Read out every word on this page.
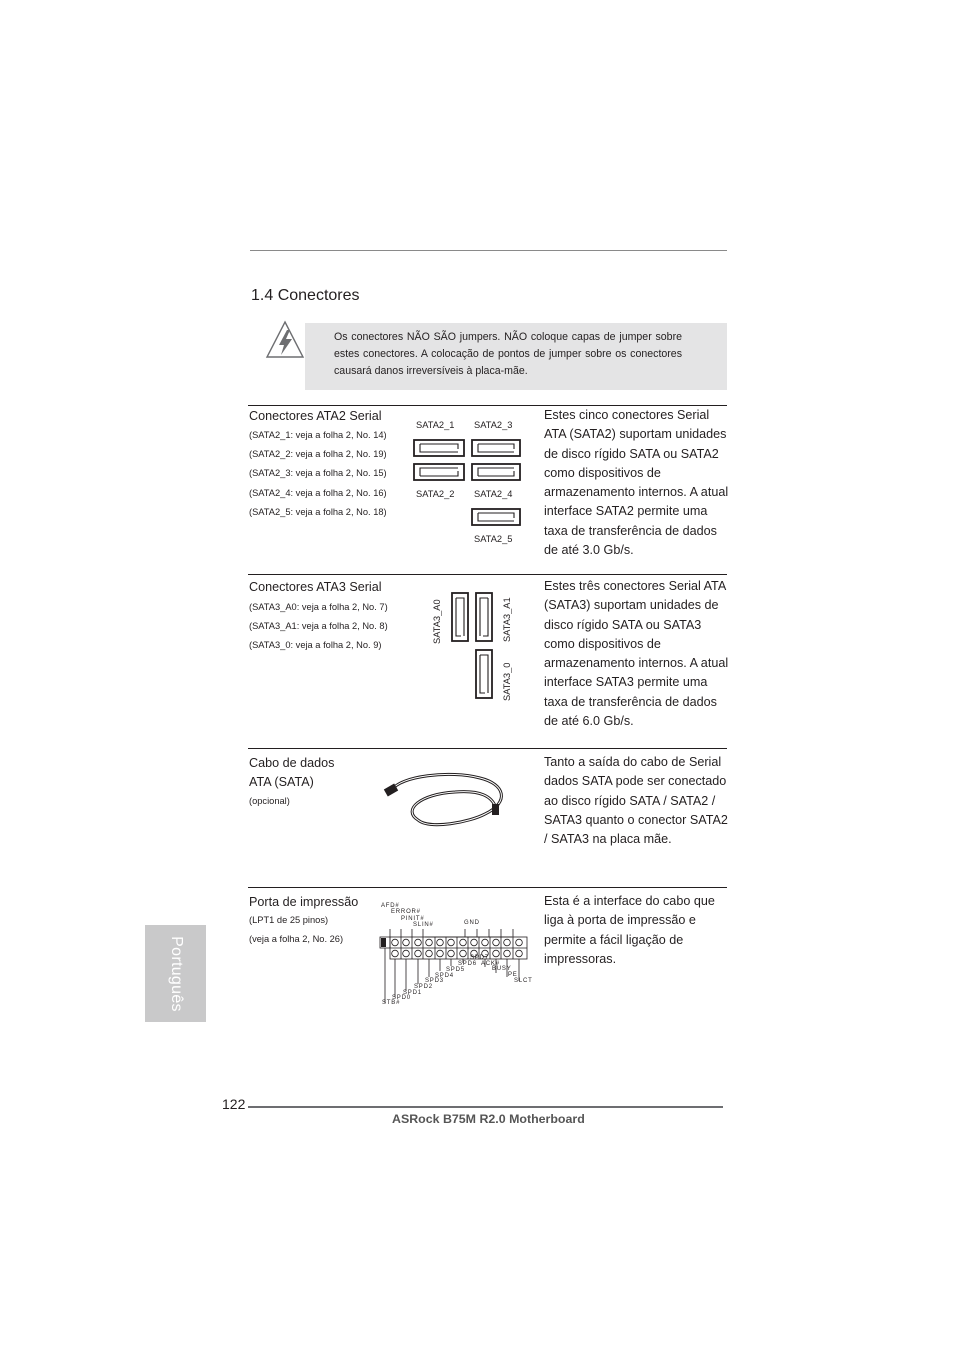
1.4 Conectores
Os conectores NÃO SÃO jumpers. NÃO coloque capas de jumper sobre estes conectores. A colocação de pontos de jumper sobre os conectores causará danos irreversíveis à placa-mãe.
Conectores ATA2 Serial
(SATA2_1: veja a folha 2, No. 14)
(SATA2_2: veja a folha 2, No. 19)
(SATA2_3: veja a folha 2, No. 15)
(SATA2_4: veja a folha 2, No. 16)
(SATA2_5: veja a folha 2, No. 18)
SATA2_1 SATA2_3
SATA2_2 SATA2_4
SATA2_5
Estes cinco conectores Serial ATA (SATA2) suportam unidades de disco rígido SATA ou SATA2 como dispositivos de armazenamento internos. A atual interface SATA2 permite uma taxa de transferência de dados de até 3.0 Gb/s.
Conectores ATA3 Serial
(SATA3_A0: veja a folha 2, No. 7)
(SATA3_A1: veja a folha 2, No. 8)
(SATA3_0: veja a folha 2, No. 9)
SATA3_A0	SATA3_A1
SATA3_0
Estes três conectores Serial ATA (SATA3) suportam unidades de disco rígido SATA ou SATA3 como dispositivos de armazenamento internos. A atual interface SATA3 permite uma taxa de transferência de dados de até 6.0 Gb/s.
Cabo de dados
ATA (SATA)
(opcional)
Tanto a saída do cabo de Serial dados SATA pode ser conectado ao disco rígido SATA / SATA2 / SATA3 quanto o conector SATA2 / SATA3 na placa mãe.
Porta de impressão
(LPT1 de 25 pinos)
(veja a folha 2, No. 26)
AFD#
ERROR#
PINIT#
SLIN#	GND
SPD7
SPD6
SPD5
SPD4
SPD3
SPD2
SPD1
SPD0
STB#
ACK#
BUSY
PE
SLCT
Esta é a interface do cabo que liga à porta de impressão e permite a fácil ligação de impressoras.
Português
122
ASRock B75M R2.0 Motherboard
